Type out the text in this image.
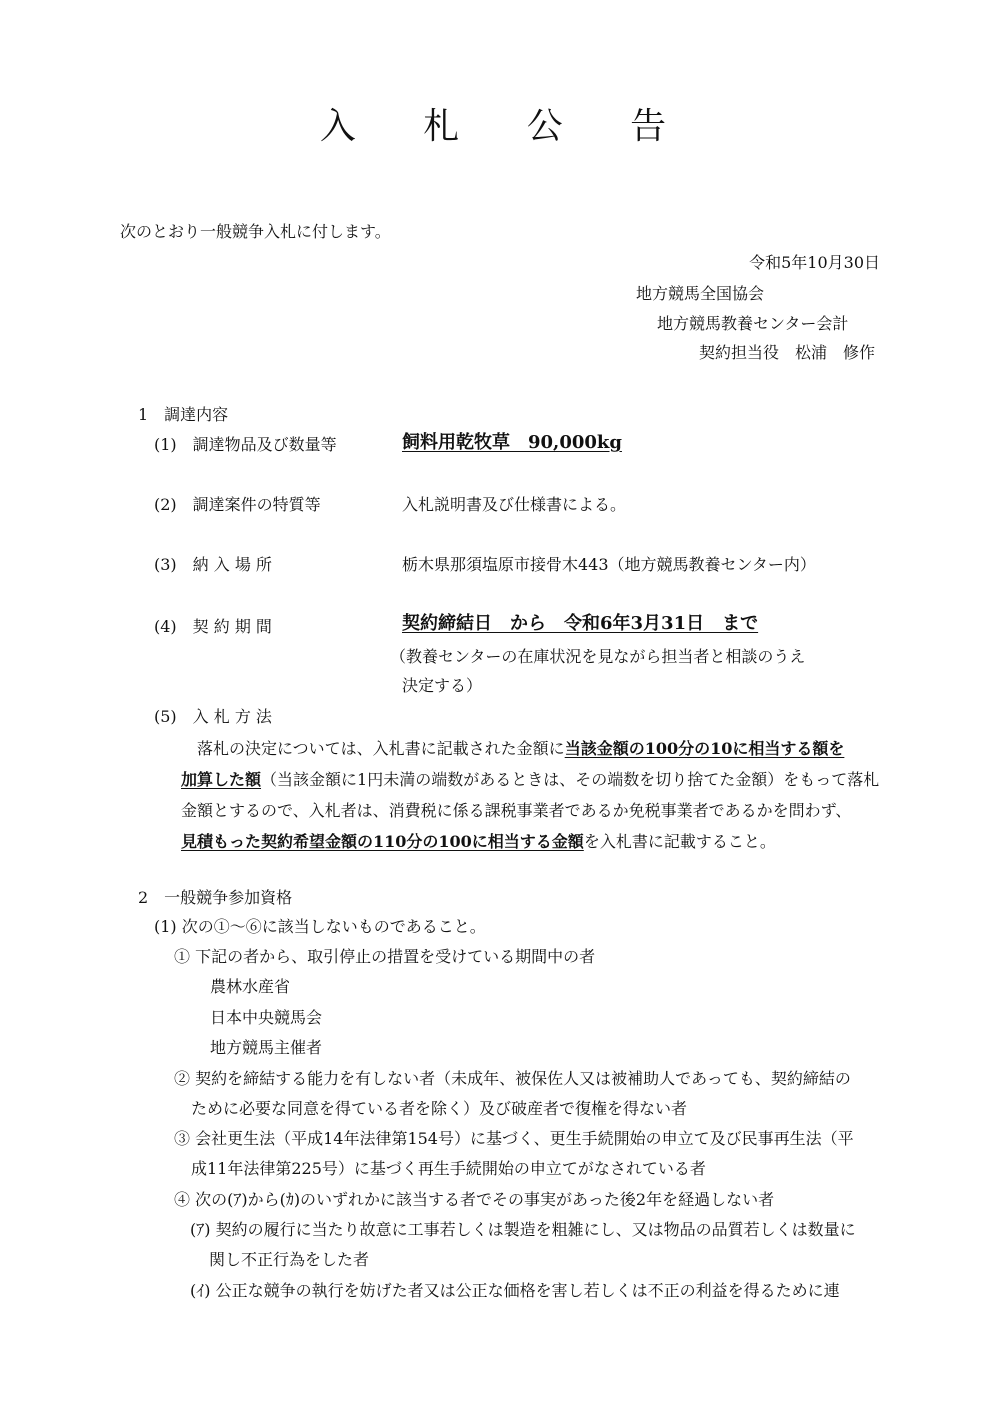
入 札 公 告
次のとおり一般競争入札に付します。
令和5年10月30日
地方競馬全国協会
地方競馬教養センター会計
契約担当役　松浦　修作
1　調達内容
(1)　調達物品及び数量等	飼料用乾牧草　90,000kg
(2)　調達案件の特質等	入札説明書及び仕様書による。
(3)　納 入 場 所	栃木県那須塩原市接骨木443（地方競馬教養センター内）
(4)　契 約 期 間	契約締結日　から　令和6年3月31日　まで
（教養センターの在庫状況を見ながら担当者と相談のうえ
決定する）
(5)　入 札 方 法
　落札の決定については、入札書に記載された金額に当該金額の100分の10に相当する額を
加算した額（当該金額に1円未満の端数があるときは、その端数を切り捨てた金額）をもって落札金額とするので、入札者は、消費税に係る課税事業者であるか免税事業者であるかを問わず、
見積もった契約希望金額の110分の100に相当する金額を入札書に記載すること。
2　一般競争参加資格
(1) 次の①～⑥に該当しないものであること。
① 下記の者から、取引停止の措置を受けている期間中の者
農林水産省
日本中央競馬会
地方競馬主催者
② 契約を締結する能力を有しない者（未成年、被保佐人又は被補助人であっても、契約締結の
ために必要な同意を得ている者を除く）及び破産者で復権を得ない者
③ 会社更生法（平成14年法律第154号）に基づく、更生手続開始の申立て及び民事再生法（平
成11年法律第225号）に基づく再生手続開始の申立てがなされている者
④ 次の(ｱ)から(ｶ)のいずれかに該当する者でその事実があった後2年を経過しない者
(ｱ) 契約の履行に当たり故意に工事若しくは製造を粗雑にし、又は物品の品質若しくは数量に
関し不正行為をした者
(ｲ) 公正な競争の執行を妨げた者又は公正な価格を害し若しくは不正の利益を得るために連
